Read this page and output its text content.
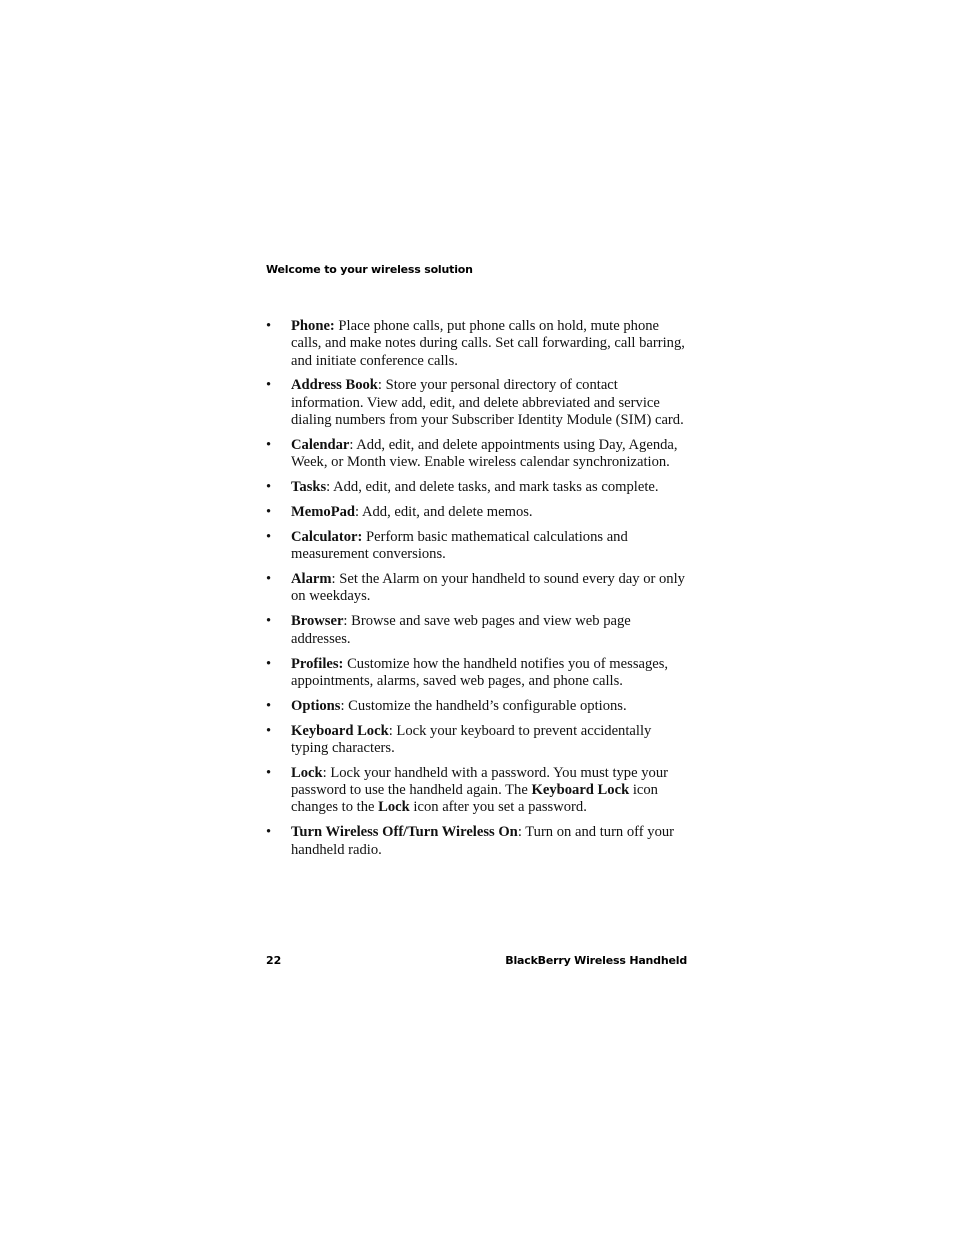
Welcome to your wireless solution
• Phone: Place phone calls, put phone calls on hold, mute phone calls, and make notes during calls. Set call forwarding, call barring, and initiate conference calls.
• Address Book: Store your personal directory of contact information. View add, edit, and delete abbreviated and service dialing numbers from your Subscriber Identity Module (SIM) card.
• Calendar: Add, edit, and delete appointments using Day, Agenda, Week, or Month view. Enable wireless calendar synchronization.
• Tasks: Add, edit, and delete tasks, and mark tasks as complete.
• MemoPad: Add, edit, and delete memos.
• Calculator: Perform basic mathematical calculations and measurement conversions.
• Alarm: Set the Alarm on your handheld to sound every day or only on weekdays.
• Browser: Browse and save web pages and view web page addresses.
• Profiles: Customize how the handheld notifies you of messages, appointments, alarms, saved web pages, and phone calls.
• Options: Customize the handheld’s configurable options.
• Keyboard Lock: Lock your keyboard to prevent accidentally typing characters.
• Lock: Lock your handheld with a password. You must type your password to use the handheld again. The Keyboard Lock icon changes to the Lock icon after you set a password.
• Turn Wireless Off/Turn Wireless On: Turn on and turn off your handheld radio.
22	BlackBerry Wireless Handheld
